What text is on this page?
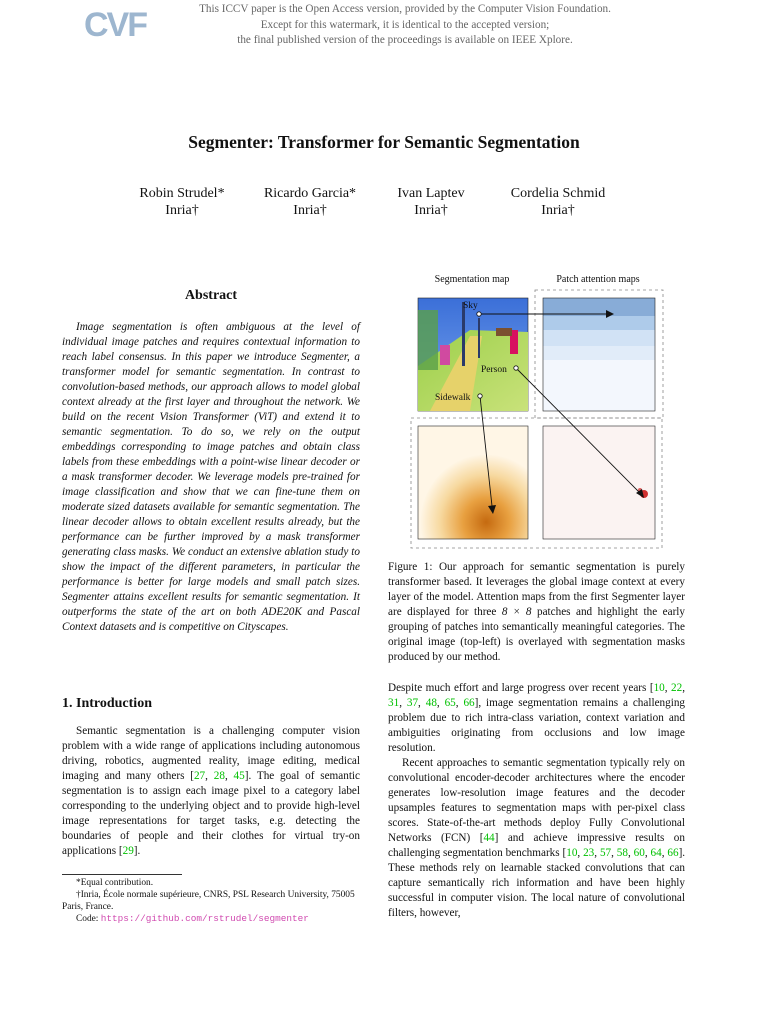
CVF	This ICCV paper is the Open Access version, provided by the Computer Vision Foundation.
Except for this watermark, it is identical to the accepted version;
the final published version of the proceedings is available on IEEE Xplore.
Segmenter: Transformer for Semantic Segmentation
Robin Strudel*
Inria†
Ricardo Garcia*
Inria†
Ivan Laptev
Inria†
Cordelia Schmid
Inria†
Abstract

Image segmentation is often ambiguous at the level of individual image patches and requires contextual information to reach label consensus. In this paper we introduce Segmenter, a transformer model for semantic segmentation. In contrast to convolution-based methods, our approach allows to model global context already at the first layer and throughout the network. We build on the recent Vision Transformer (ViT) and extend it to semantic segmentation. To do so, we rely on the output embeddings corresponding to image patches and obtain class labels from these embeddings with a point-wise linear decoder or a mask transformer decoder. We leverage models pre-trained for image classification and show that we can fine-tune them on moderate sized datasets available for semantic segmentation. The linear decoder allows to obtain excellent results already, but the performance can be further improved by a mask transformer generating class masks. We conduct an extensive ablation study to show the impact of the different parameters, in particular the performance is better for large models and small patch sizes. Segmenter attains excellent results for semantic segmentation. It outperforms the state of the art on both ADE20K and Pascal Context datasets and is competitive on Cityscapes.

1. Introduction

Semantic segmentation is a challenging computer vision problem with a wide range of applications including autonomous driving, robotics, augmented reality, image editing, medical imaging and many others [27, 28, 45]. The goal of semantic segmentation is to assign each image pixel to a category label corresponding to the underlying object and to provide high-level image representations for target tasks, e.g. detecting the boundaries of people and their clothes for virtual try-on applications [29].

*Equal contribution.
†Inria, École normale supérieure, CNRS, PSL Research University, 75005 Paris, France.
Code: https://github.com/rstrudel/segmenter
Segmentation map	Patch attention maps
Sky
Person
Sidewalk

Figure 1: Our approach for semantic segmentation is purely transformer based. It leverages the global image context at every layer of the model. Attention maps from the first Segmenter layer are displayed for three 8 × 8 patches and highlight the early grouping of patches into semantically meaningful categories. The original image (top-left) is overlayed with segmentation masks produced by our method.

Despite much effort and large progress over recent years [10, 22, 31, 37, 48, 65, 66], image segmentation remains a challenging problem due to rich intra-class variation, context variation and ambiguities originating from occlusions and low image resolution.

Recent approaches to semantic segmentation typically rely on convolutional encoder-decoder architectures where the encoder generates low-resolution image features and the decoder upsamples features to segmentation maps with per-pixel class scores. State-of-the-art methods deploy Fully Convolutional Networks (FCN) [44] and achieve impressive results on challenging segmentation benchmarks [10, 23, 57, 58, 60, 64, 66]. These methods rely on learnable stacked convolutions that can capture semantically rich information and have been highly successful in computer vision. The local nature of convolutional filters, however,
